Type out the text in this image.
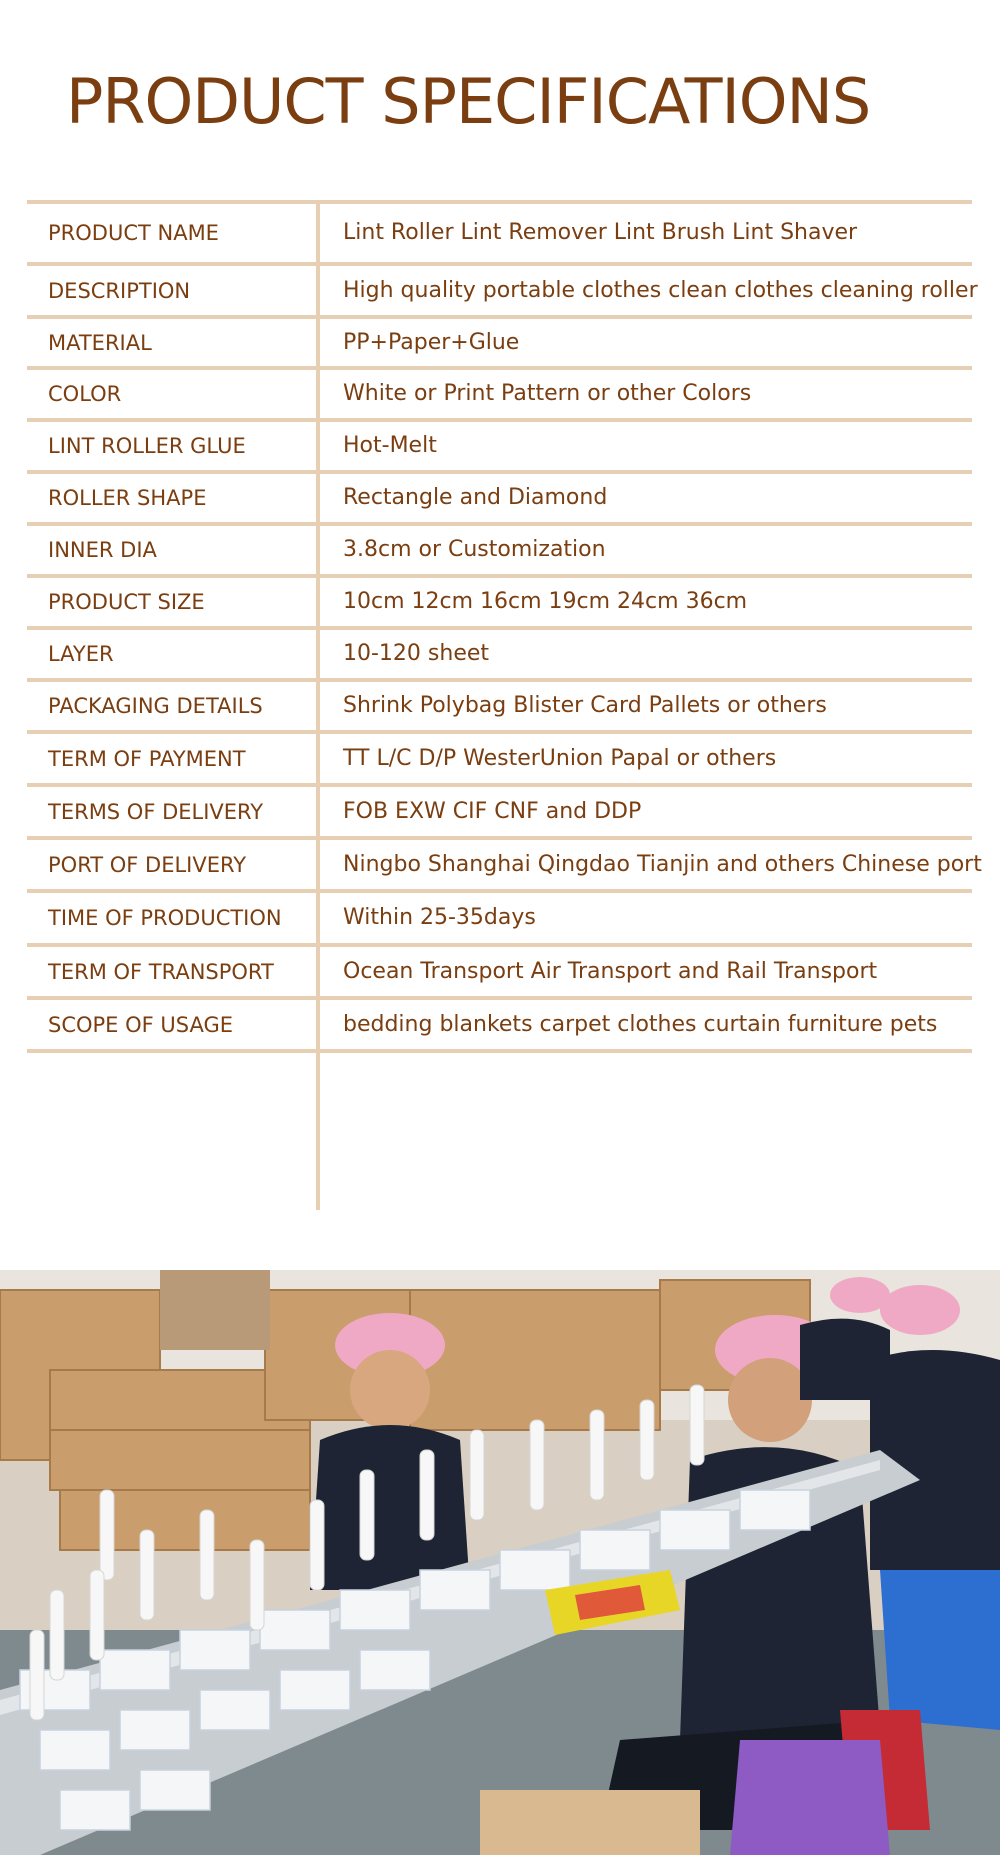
PRODUCT SPECIFICATIONS
PRODUCT NAME	Lint Roller Lint Remover Lint Brush Lint Shaver
DESCRIPTION	High quality portable clothes clean clothes cleaning roller
MATERIAL	PP+Paper+Glue
COLOR	White or Print Pattern or other Colors
LINT ROLLER GLUE	Hot-Melt
ROLLER SHAPE	Rectangle and Diamond
INNER DIA	3.8cm or Customization
PRODUCT SIZE	10cm 12cm 16cm 19cm 24cm 36cm
LAYER	10-120 sheet
PACKAGING DETAILS	Shrink Polybag Blister Card Pallets or others
TERM OF PAYMENT	TT L/C D/P WesterUnion Papal or others
TERMS OF DELIVERY	FOB EXW CIF CNF and DDP
PORT OF DELIVERY	Ningbo Shanghai Qingdao Tianjin and others Chinese port
TIME OF PRODUCTION	Within 25-35days
TERM OF TRANSPORT	Ocean Transport Air Transport and Rail Transport
SCOPE OF USAGE	bedding blankets carpet clothes curtain furniture pets
